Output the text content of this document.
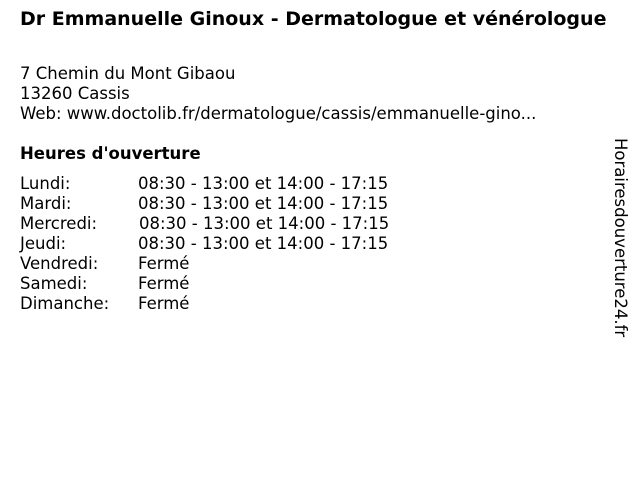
Dr Emmanuelle Ginoux - Dermatologue et vénérologue
7 Chemin du Mont Gibaou
13260 Cassis
Web: www.doctolib.fr/dermatologue/cassis/emmanuelle-gino...
Heures d'ouverture
Lundi:	08:30 - 13:00 et 14:00 - 17:15
Mardi:	08:30 - 13:00 et 14:00 - 17:15
Mercredi:	08:30 - 13:00 et 14:00 - 17:15
Jeudi:	08:30 - 13:00 et 14:00 - 17:15
Vendredi: Fermé
Samedi:	Fermé
Dimanche: Fermé	Horairesdouverture24.fr
